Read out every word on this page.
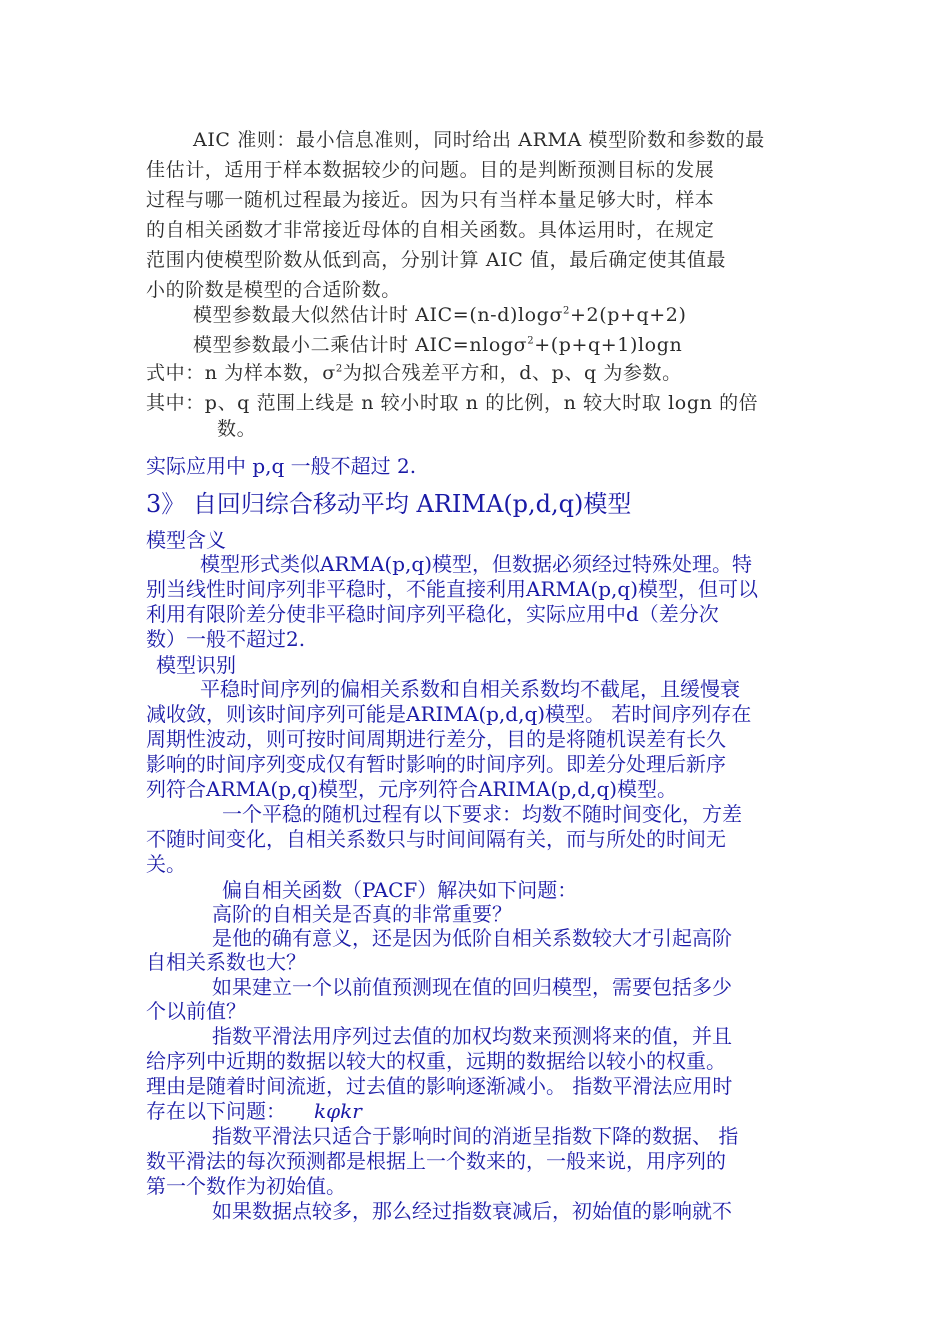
AIC 准则：最小信息准则，同时给出 ARMA 模型阶数和参数的最
佳估计，适用于样本数据较少的问题。目的是判断预测目标的发展
过程与哪一随机过程最为接近。因为只有当样本量足够大时，样本
的自相关函数才非常接近母体的自相关函数。具体运用时，在规定
范围内使模型阶数从低到高，分别计算 AIC 值，最后确定使其值最
小的阶数是模型的合适阶数。
模型参数最大似然估计时 AIC=(n-d)logσ$^2$+2(p+q+2)
模型参数最小二乘估计时 AIC=nlogσ$^2$+(p+q+1)logn
式中：n 为样本数，$\sigma^2$为拟合残差平方和，d、p、q 为参数。
其中：p、q 范围上线是 n 较小时取 n 的比例，n 较大时取 logn 的倍
数。
实际应用中 p,q 一般不超过 2.
3》 自回归综合移动平均 ARIMA(p,d,q)模型
模型含义
模型形式类似ARMA(p,q)模型，但数据必须经过特殊处理。特
别当线性时间序列非平稳时，不能直接利用ARMA(p,q)模型，但可以
利用有限阶差分使非平稳时间序列平稳化，实际应用中d（差分次
数）一般不超过2.
模型识别
平稳时间序列的偏相关系数和自相关系数均不截尾，且缓慢衰
减收敛，则该时间序列可能是ARIMA(p,d,q)模型。 若时间序列存在
周期性波动，则可按时间周期进行差分，目的是将随机误差有长久
影响的时间序列变成仅有暂时影响的时间序列。即差分处理后新序
列符合ARMA(p,q)模型，元序列符合ARIMA(p,d,q)模型。
一个平稳的随机过程有以下要求：均数不随时间变化，方差
不随时间变化，自相关系数只与时间间隔有关，而与所处的时间无
关。
偏自相关函数（PACF）解决如下问题：
高阶的自相关是否真的非常重要？
是他的确有意义，还是因为低阶自相关系数较大才引起高阶
自相关系数也大？
如果建立一个以前值预测现在值的回归模型，需要包括多少
个以前值？
指数平滑法用序列过去值的加权均数来预测将来的值，并且
给序列中近期的数据以较大的权重，远期的数据给以较小的权重。
理由是随着时间流逝，过去值的影响逐渐减小。 指数平滑法应用时
存在以下问题： kφkr
指数平滑法只适合于影响时间的消逝呈指数下降的数据、 指
数平滑法的每次预测都是根据上一个数来的，一般来说，用序列的
第一个数作为初始值。
如果数据点较多，那么经过指数衰减后，初始值的影响就不
